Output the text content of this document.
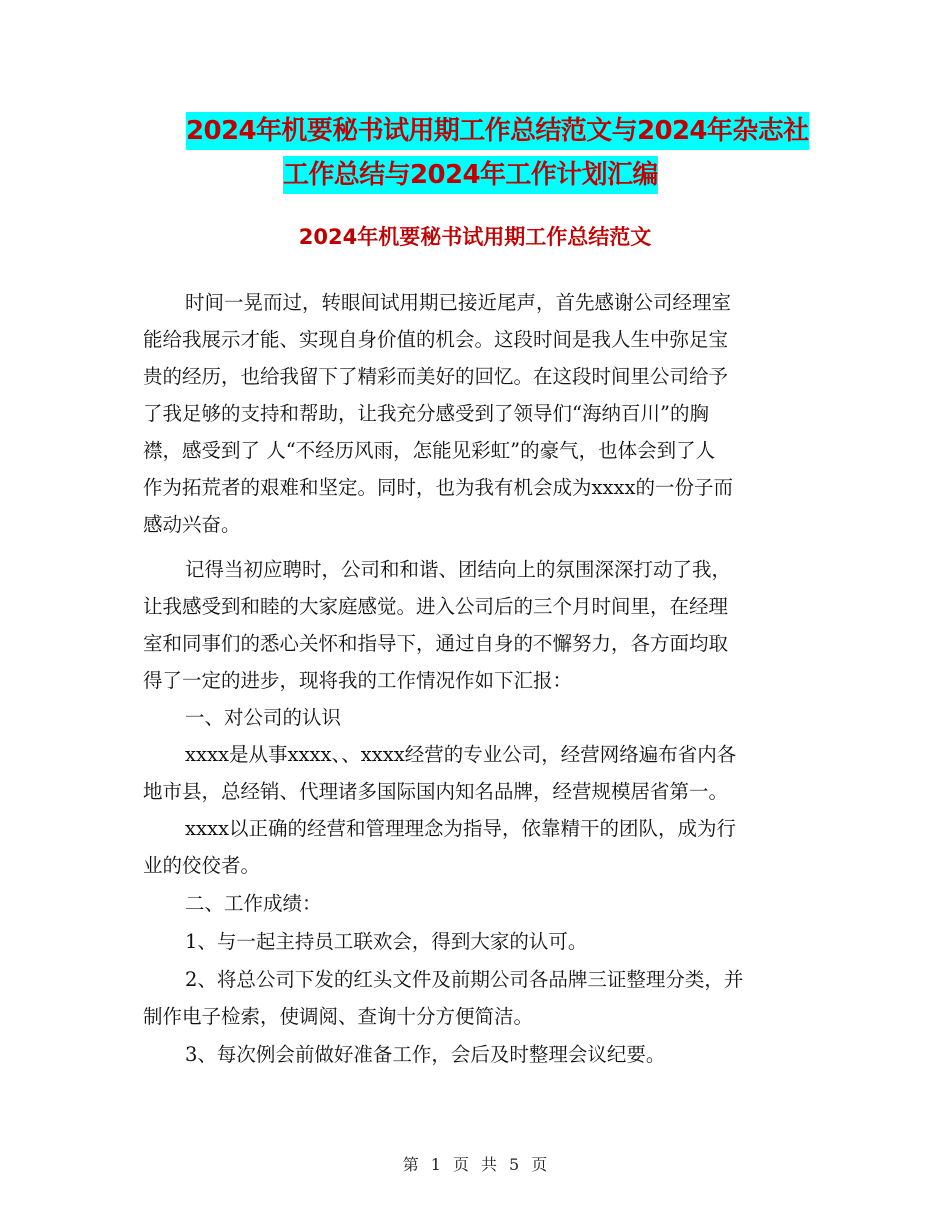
2024年机要秘书试用期工作总结范文与2024年杂志社
工作总结与2024年工作计划汇编
2024年机要秘书试用期工作总结范文
时间一晃而过，转眼间试用期已接近尾声，首先感谢公司经理室
能给我展示才能、实现自身价值的机会。这段时间是我人生中弥足宝
贵的经历，也给我留下了精彩而美好的回忆。在这段时间里公司给予
了我足够的支持和帮助，让我充分感受到了领导们“海纳百川”的胸
襟，感受到了 人“不经历风雨，怎能见彩虹”的豪气，也体会到了人
作为拓荒者的艰难和坚定。同时，也为我有机会成为xxxx的一份子而
感动兴奋。
记得当初应聘时，公司和和谐、团结向上的氛围深深打动了我，
让我感受到和睦的大家庭感觉。进入公司后的三个月时间里，在经理
室和同事们的悉心关怀和指导下，通过自身的不懈努力，各方面均取
得了一定的进步，现将我的工作情况作如下汇报：
一、对公司的认识
xxxx是从事xxxx、、xxxx经营的专业公司，经营网络遍布省内各
地市县，总经销、代理诸多国际国内知名品牌，经营规模居省第一。
xxxx以正确的经营和管理理念为指导，依靠精干的团队，成为行
业的佼佼者。
二、工作成绩：
1、与一起主持员工联欢会，得到大家的认可。
2、将总公司下发的红头文件及前期公司各品牌三证整理分类，并
制作电子检索，使调阅、查询十分方便简洁。
3、每次例会前做好准备工作，会后及时整理会议纪要。
第 1 页 共 5 页
